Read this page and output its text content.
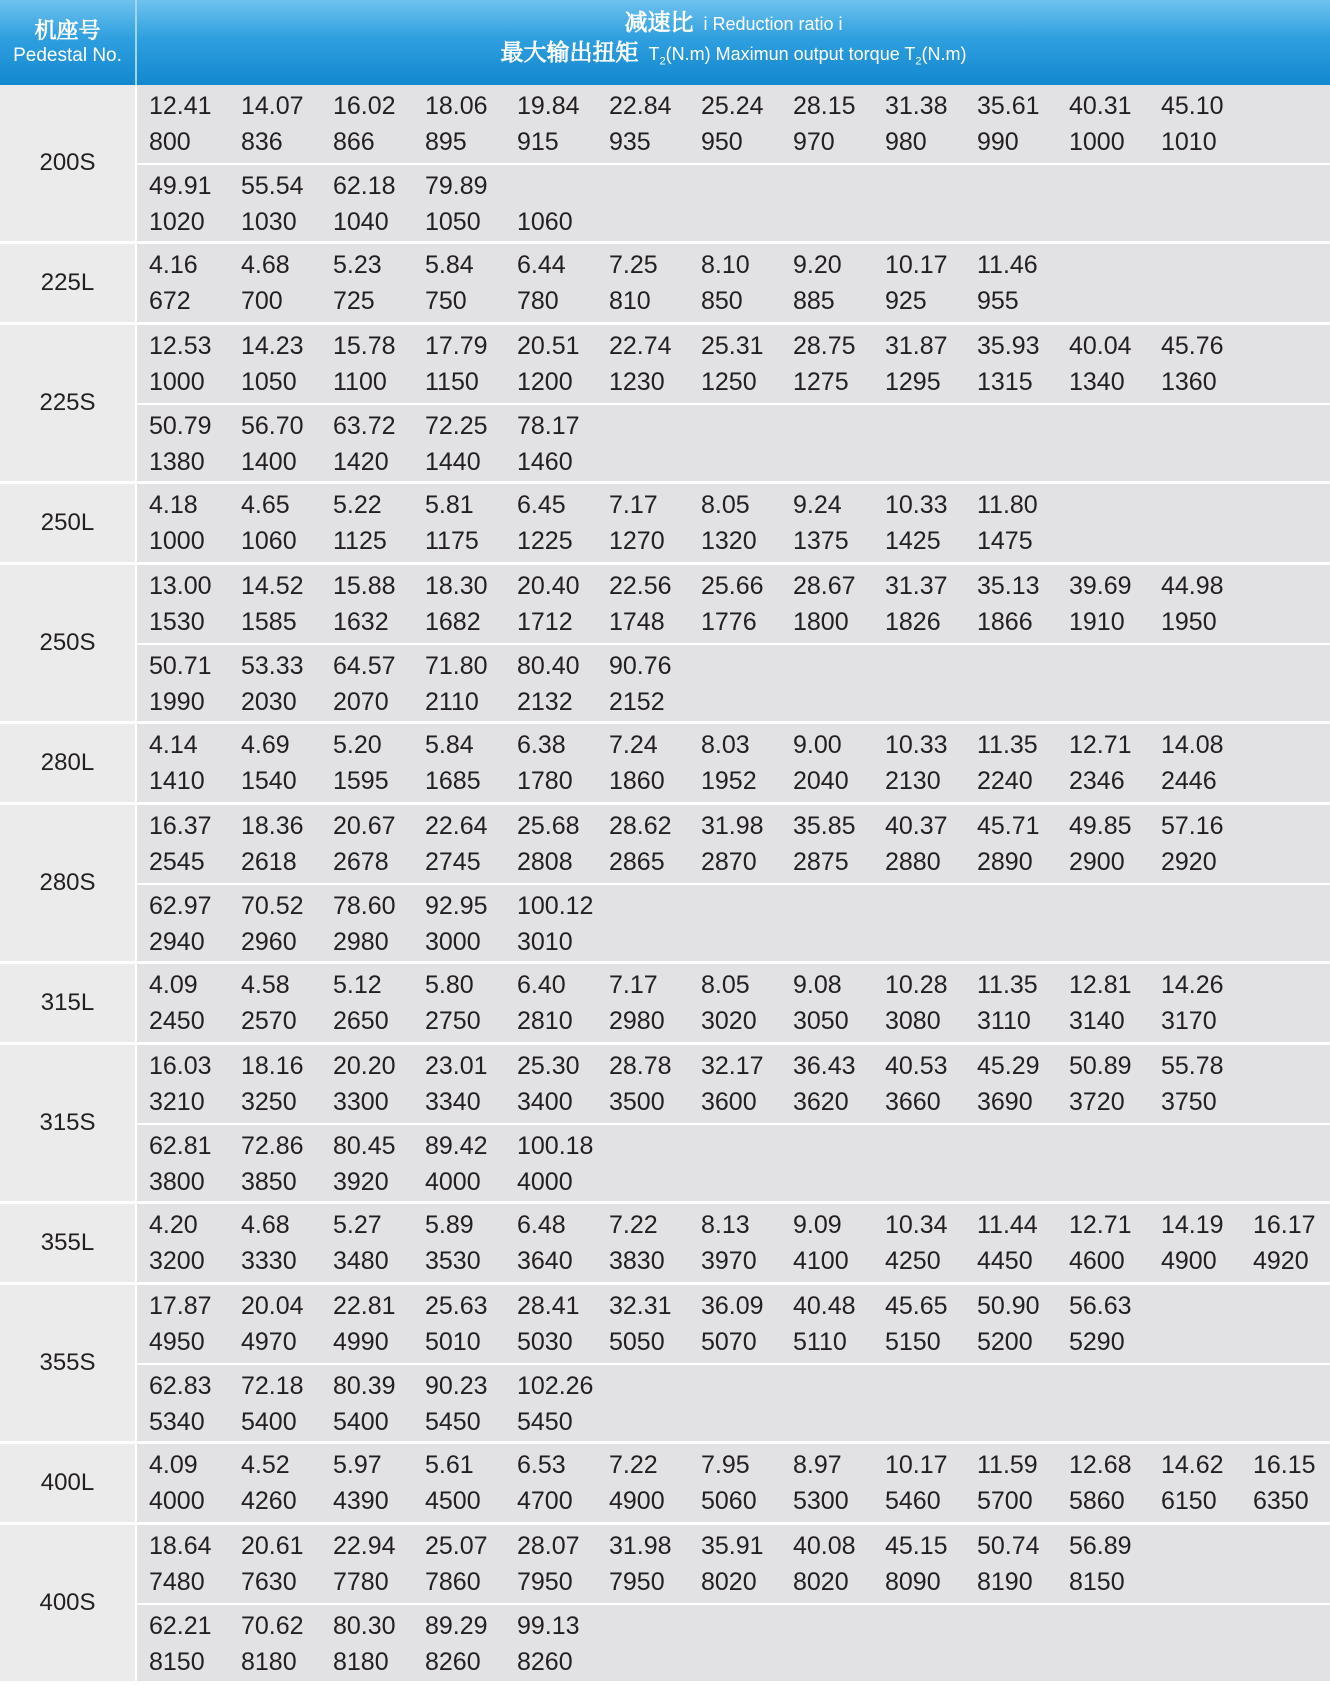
机座号
Pedestal No.
减速比 i Reduction ratio i
最大输出扭矩 $T_2(N.m)$ Maximun output torque $T_2(N.m)$
200S
12.41
800
14.07
836
16.02
866
18.06
895
19.84
915
22.84
935
25.24
950
28.15
970
31.38
980
35.61
990
40.31
1000
45.10
1010
49.91
1020
55.54
1030
62.18
1040
79.89
1050 1060
225L
4.16
672
4.68
700
5.23
725
5.84
750
6.44
780
7.25
810
8.10
850
9.20
885
10.17
925
11.46
955
225S
12.53
1000
14.23
1050
15.78
1100
17.79
1150
20.51
1200
22.74
1230
25.31
1250
28.75
1275
31.87
1295
35.93
1315
40.04
1340
45.76
1360
50.79
1380
56.70
1400
63.72
1420
72.25
1440
78.17
1460
250L
4.18
1000
4.65
1060
5.22
1125
5.81
1175
6.45
1225
7.17
1270
8.05
1320
9.24
1375
10.33
1425
11.80
1475
250S
13.00
1530
14.52
1585
15.88
1632
18.30
1682
20.40
1712
22.56
1748
25.66
1776
28.67
1800
31.37
1826
35.13
1866
39.69
1910
44.98
1950
50.71
1990
53.33
2030
64.57
2070
71.80
2110
80.40
2132
90.76
2152
280L
4.14
1410
4.69
1540
5.20
1595
5.84
1685
6.38
1780
7.24
1860
8.03
1952
9.00
2040
10.33
2130
11.35
2240
12.71
2346
14.08
2446
280S
16.37
2545
18.36
2618
20.67
2678
22.64
2745
25.68
2808
28.62
2865
31.98
2870
35.85
2875
40.37
2880
45.71
2890
49.85
2900
57.16
2920
62.97
2940
70.52
2960
78.60
2980
92.95
3000
100.12
3010
315L
4.09
2450
4.58
2570
5.12
2650
5.80
2750
6.40
2810
7.17
2980
8.05
3020
9.08
3050
10.28
3080
11.35
3110
12.81
3140
14.26
3170
315S
16.03
3210
18.16
3250
20.20
3300
23.01
3340
25.30
3400
28.78
3500
32.17
3600
36.43
3620
40.53
3660
45.29
3690
50.89
3720
55.78
3750
62.81
3800
72.86
3850
80.45
3920
89.42
4000
100.18
4000
355L
4.20
3200
4.68
3330
5.27
3480
5.89
3530
6.48
3640
7.22
3830
8.13
3970
9.09
4100
10.34
4250
11.44
4450
12.71
4600
14.19
4900
16.17
4920
355S
17.87
4950
20.04
4970
22.81
4990
25.63
5010
28.41
5030
32.31
5050
36.09
5070
40.48
5110
45.65
5150
50.90
5200
56.63
5290
62.83
5340
72.18
5400
80.39
5400
90.23
5450
102.26
5450
400L
4.09
4000
4.52
4260
5.97
4390
5.61
4500
6.53
4700
7.22
4900
7.95
5060
8.97
5300
10.17
5460
11.59
5700
12.68
5860
14.62
6150
16.15
6350
400S
18.64
7480
20.61
7630
22.94
7780
25.07
7860
28.07
7950
31.98
7950
35.91
8020
40.08
8020
45.15
8090
50.74
8190
56.89
8150
62.21
8150
70.62
8180
80.30
8180
89.29
8260
99.13
8260
